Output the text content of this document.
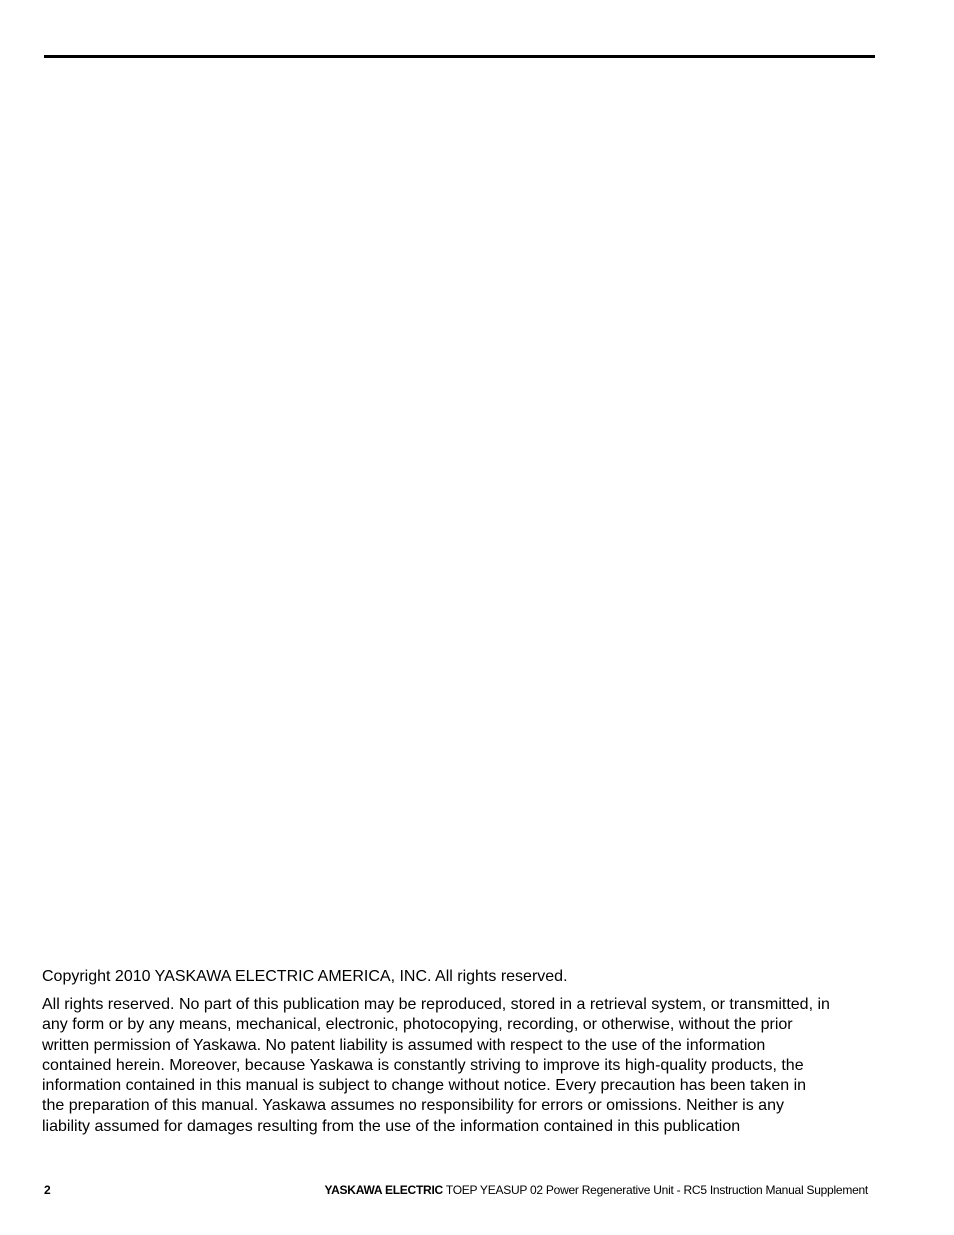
Copyright 2010 YASKAWA ELECTRIC AMERICA, INC. All rights reserved.

All rights reserved. No part of this publication may be reproduced, stored in a retrieval system, or transmitted, in
any form or by any means, mechanical, electronic, photocopying, recording, or otherwise, without the prior
written permission of Yaskawa. No patent liability is assumed with respect to the use of the information
contained herein. Moreover, because Yaskawa is constantly striving to improve its high-quality products, the
information contained in this manual is subject to change without notice. Every precaution has been taken in
the preparation of this manual. Yaskawa assumes no responsibility for errors or omissions. Neither is any
liability assumed for damages resulting from the use of the information contained in this publication

2	YASKAWA ELECTRIC TOEP YEASUP 02 Power Regenerative Unit - RC5 Instruction Manual Supplement
